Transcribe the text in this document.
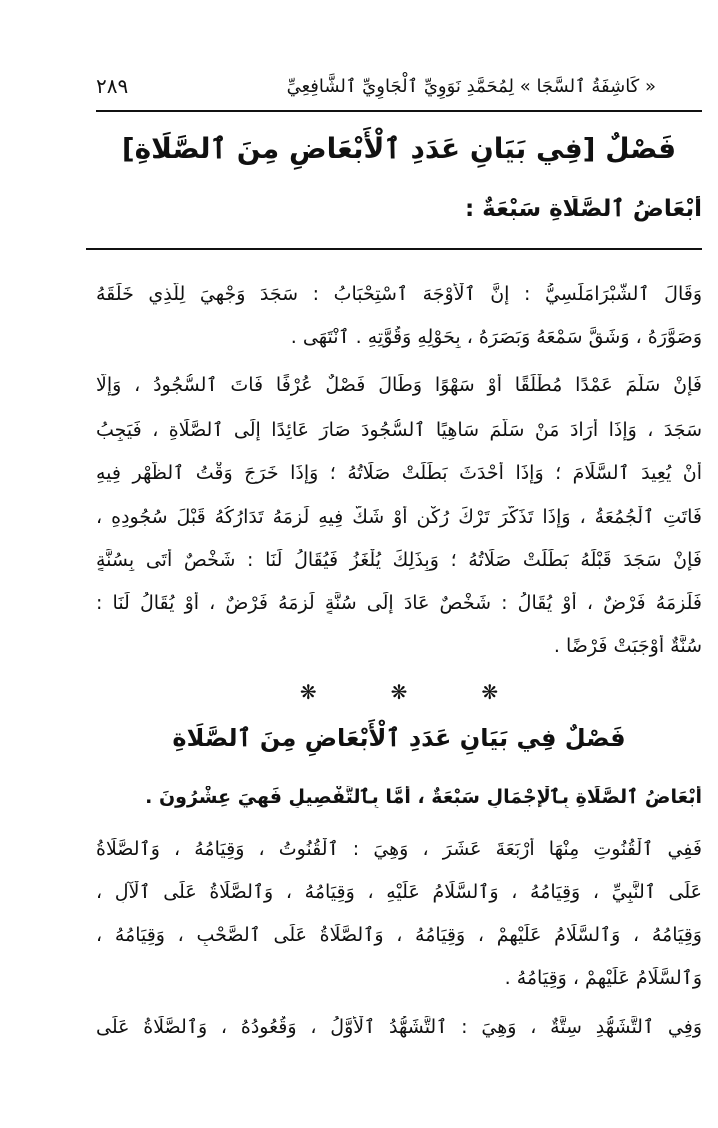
٢٨٩	« كَاشِفَةُ ٱلسَّجَا » لِمُحَمَّدِ نَوَوِيِّ ٱلْجَاوِيِّ ٱلشَّافِعِيِّ
فَصْلٌ [فِي بَيَانِ عَدَدِ ٱلْأَبْعَاضِ مِنَ ٱلصَّلَاةِ]
أَبْعَاضُ ٱلصَّلَاةِ سَبْعَةٌ :
وَقَالَ ٱلشَّبْرَامَلِّسِيُّ : إِنَّ ٱلْأَوْجَهَ ٱسْتِحْبَابُ : سَجَدَ وَجْهِيَ لِلَّذِي خَلَقَهُ
وَصَوَّرَهُ ، وَشَقَّ سَمْعَهُ وَبَصَرَهُ ، بِحَوْلِهِ وَقُوَّتِهِ . ٱنْتَهَى .
فَإِنْ سَلَّمَ عَمْدًا مُطْلَقًا أَوْ سَهْوًا وَطَالَ فَصْلٌ عُرْفًا فَاتَ ٱلسُّجُودُ ، وَإِلَّا
سَجَدَ ، وَإِذَا أَرَادَ مَنْ سَلَّمَ سَاهِيًا ٱلسُّجُودَ صَارَ عَائِدًا إِلَى ٱلصَّلَاةِ ، فَيَجِبُ
أَنْ يُعِيدَ ٱلسَّلَامَ ؛ وَإِذَا أَحْدَثَ بَطَلَتْ صَلَاتُهُ ؛ وَإِذَا خَرَجَ وَقْتُ ٱلظُّهْرِ فِيهِ
فَاتَتِ ٱلْجُمُعَةُ ، وَإِذَا تَذَكَّرَ تَرْكَ رُكْنٍ أَوْ شَكَّ فِيهِ لَزِمَهُ تَدَارُكُهُ قَبْلَ سُجُودِهِ ،
فَإِنْ سَجَدَ قَبْلَهُ بَطَلَتْ صَلَاتُهُ ؛ وَبِذَلِكَ يُلْغَزُ فَيُقَالُ لَنَا : شَخْصٌ أَتَى بِسُنَّةٍ
فَلَزِمَهُ فَرْضٌ ، أَوْ يُقَالُ : شَخْصٌ عَادَ إِلَى سُنَّةٍ لَزِمَهُ فَرْضٌ ، أَوْ يُقَالُ لَنَا :
سُنَّةٌ أَوْجَبَتْ فَرْضًا .
❋	❋	❋
فَصْلٌ فِي بَيَانِ عَدَدِ ٱلْأَبْعَاضِ مِنَ ٱلصَّلَاةِ
أَبْعَاضُ ٱلصَّلَاةِ بِٱلْإِجْمَالِ سَبْعَةٌ ، أَمَّا بِٱلتَّفْصِيلِ فَهِيَ عِشْرُونَ .
فَفِي ٱلْقُنُوتِ مِنْهَا أَرْبَعَةَ عَشَرَ ، وَهِيَ : ٱلْقُنُوتُ ، وَقِيَامُهُ ، وَٱلصَّلَاةُ
عَلَى ٱلنَّبِيِّ ، وَقِيَامُهُ ، وَٱلسَّلَامُ عَلَيْهِ ، وَقِيَامُهُ ، وَٱلصَّلَاةُ عَلَى ٱلْآلِ ،
وَقِيَامُهُ ، وَٱلسَّلَامُ عَلَيْهِمْ ، وَقِيَامُهُ ، وَٱلصَّلَاةُ عَلَى ٱلصَّحْبِ ، وَقِيَامُهُ ،
وَٱلسَّلَامُ عَلَيْهِمْ ، وَقِيَامُهُ .
وَفِي ٱلتَّشَهُّدِ سِتَّةٌ ، وَهِيَ : ٱلتَّشَهُّدُ ٱلْأَوَّلُ ، وَقُعُودُهُ ، وَٱلصَّلَاةُ عَلَى
